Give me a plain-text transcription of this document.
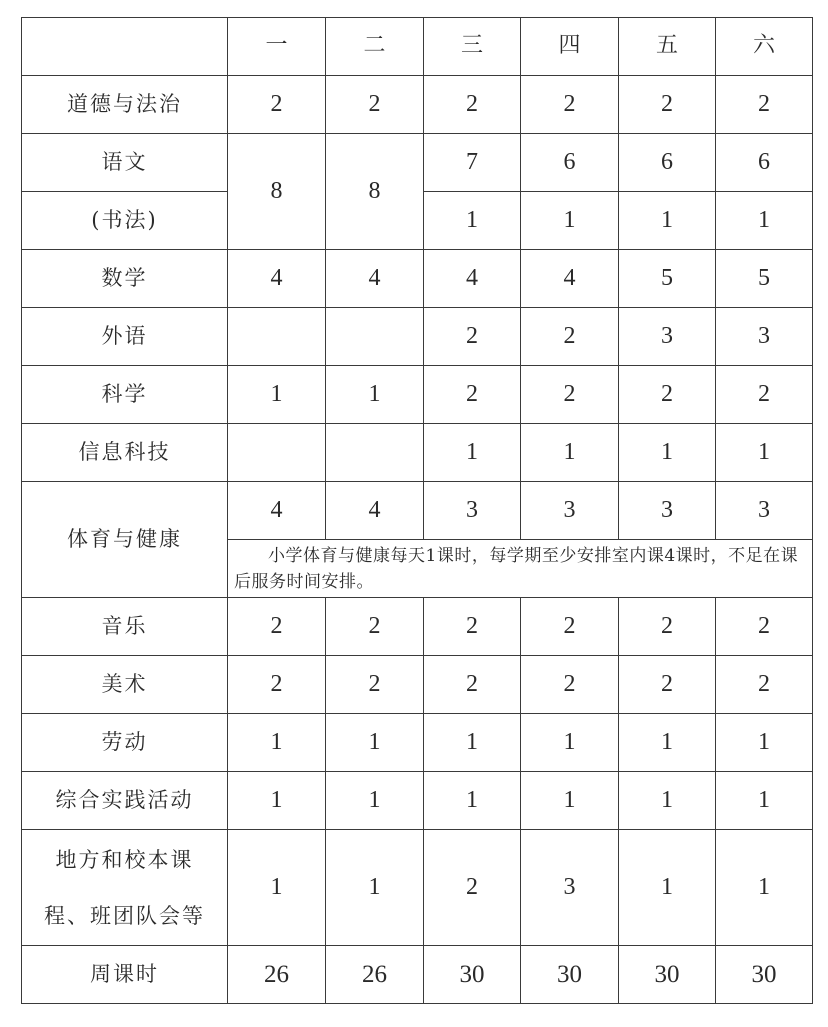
	一	二	三	四	五	六
道德与法治	2	2	2	2	2	2
语文	8	8	7	6	6	6
(书法)			1	1	1	1
数学	4	4	4	4	5	5
外语			2	2	3	3
科学	1	1	2	2	2	2
信息科技			1	1	1	1
体育与健康	4	4	3	3	3	3

	小学体育与健康每天1课时，每学期至少安排室内课4课时，不足在课后服务时间安排。					

音乐	2	2	2	2	2	2
美术	2	2	2	2	2	2
劳动	1	1	1	1	1	1
综合实践活动	1	1	1	1	1	1

地方和校本课
程、班团队会等	1	1	2	3	1	1
周课时	26	26	30	30	30	30
